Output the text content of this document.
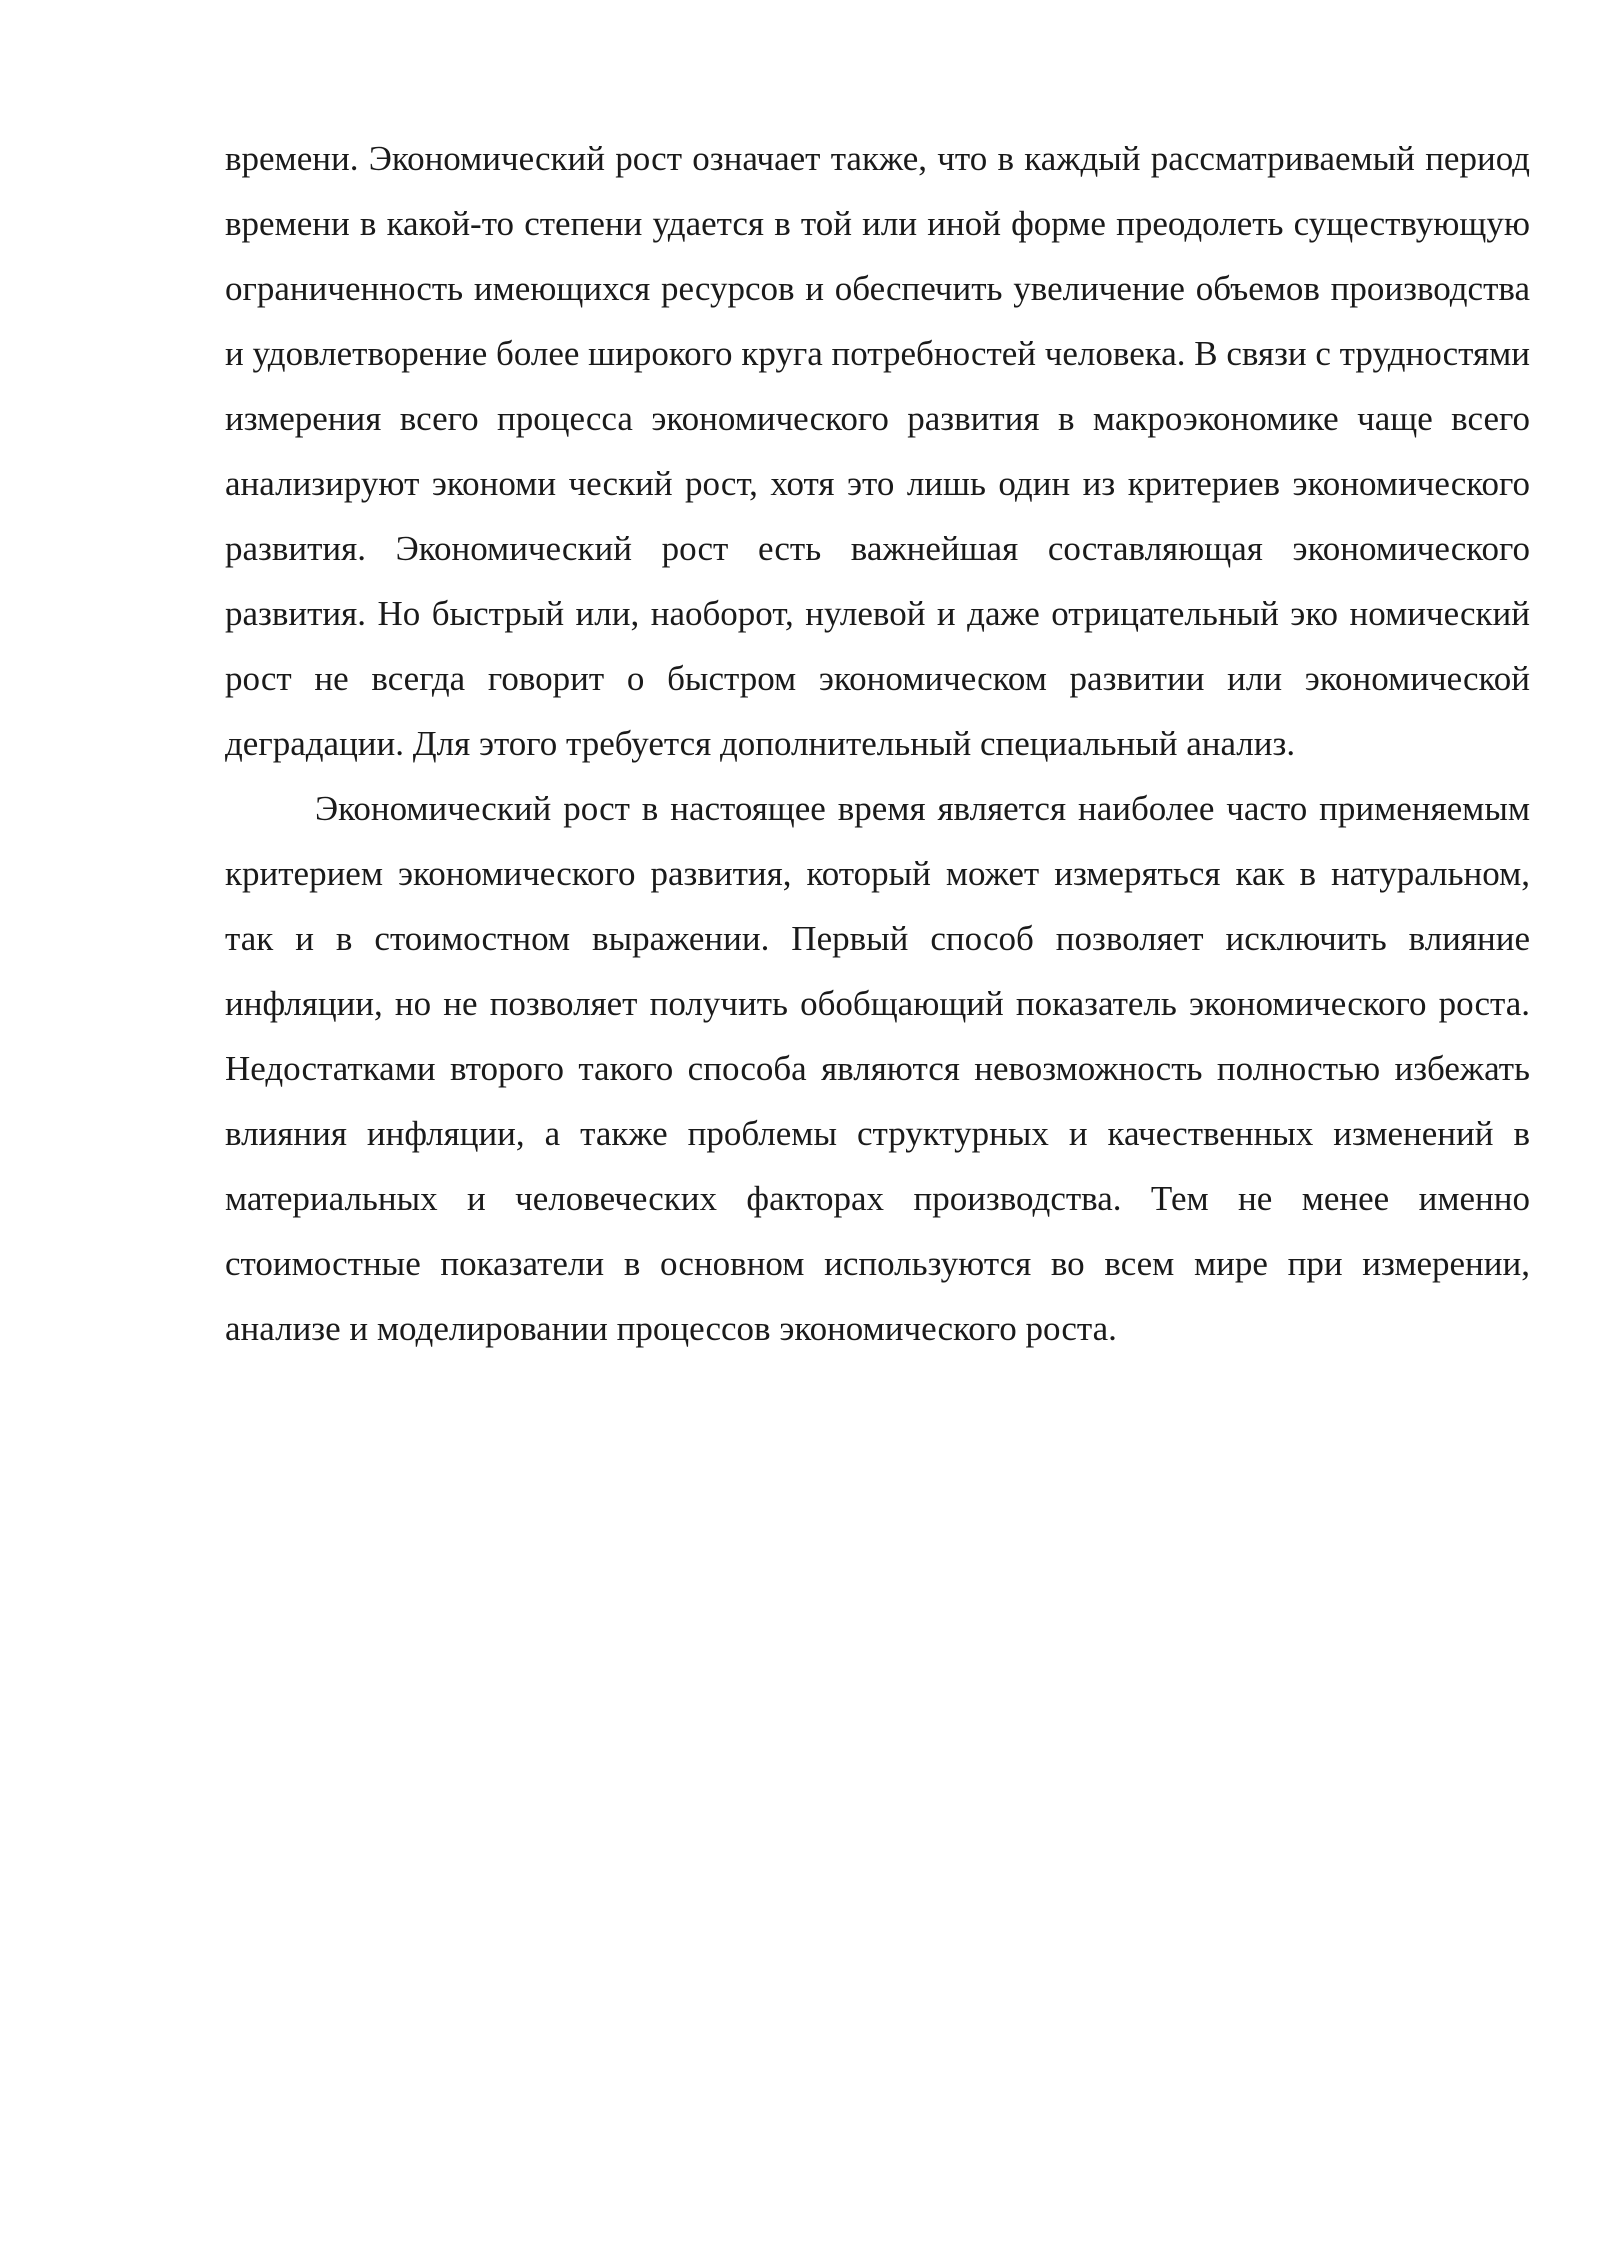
времени. Экономический рост означает также, что в каждый рассматриваемый период времени в какой-то степени удается в той или иной форме преодолеть существующую ограниченность имеющихся ресурсов и обеспечить увеличение объемов производства и удовлетворение более широкого круга потребностей человека. В связи с трудностями измерения всего процесса экономического развития в макроэкономике чаще всего анализируют экономи ческий рост, хотя это лишь один из критериев экономического развития. Экономический рост есть важнейшая составляющая экономического развития. Но быстрый или, наоборот, нулевой и даже отрицательный эко номический рост не всегда говорит о быстром экономическом развитии или экономической деградации. Для этого требуется дополнительный специальный анализ.

Экономический рост в настоящее время является наиболее часто применяемым критерием экономического развития, который может измеряться как в натуральном, так и в стоимостном выражении. Первый способ позволяет исключить влияние инфляции, но не позволяет получить обобщающий показатель экономического роста. Недостатками второго такого способа являются невозможность полностью избежать влияния инфляции, а также проблемы структурных и качественных изменений в материальных и человеческих факторах производства. Тем не менее именно стоимостные показатели в основном используются во всем мире при измерении, анализе и моделировании процессов экономического роста.
